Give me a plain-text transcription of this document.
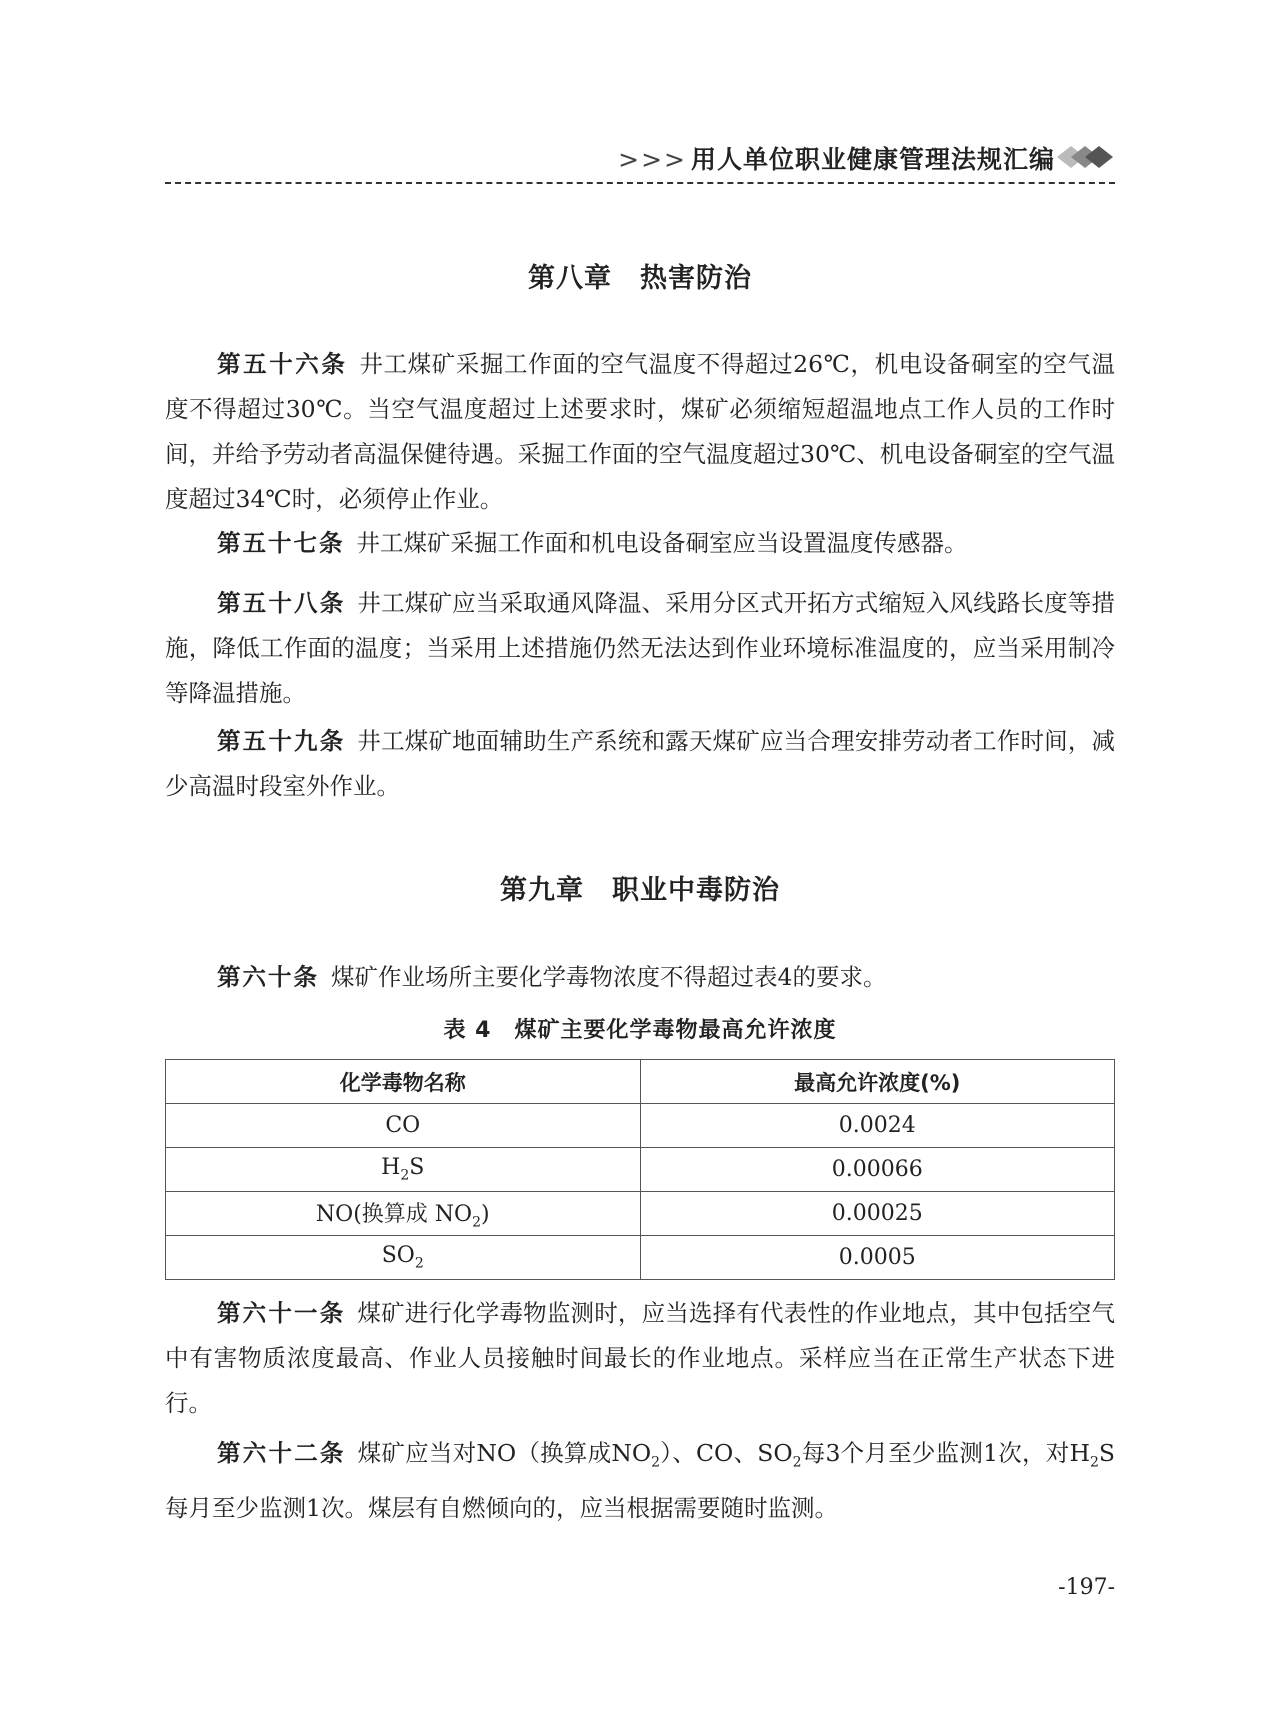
>>> 用人单位职业健康管理法规汇编
第八章　热害防治
第五十六条 井工煤矿采掘工作面的空气温度不得超过26℃，机电设备硐室的空气温度不得超过30℃。当空气温度超过上述要求时，煤矿必须缩短超温地点工作人员的工作时间，并给予劳动者高温保健待遇。采掘工作面的空气温度超过30℃、机电设备硐室的空气温度超过34℃时，必须停止作业。
第五十七条 井工煤矿采掘工作面和机电设备硐室应当设置温度传感器。
第五十八条 井工煤矿应当采取通风降温、采用分区式开拓方式缩短入风线路长度等措施，降低工作面的温度；当采用上述措施仍然无法达到作业环境标准温度的，应当采用制冷等降温措施。
第五十九条 井工煤矿地面辅助生产系统和露天煤矿应当合理安排劳动者工作时间，减少高温时段室外作业。
第九章　职业中毒防治
第六十条 煤矿作业场所主要化学毒物浓度不得超过表4的要求。
表 4　煤矿主要化学毒物最高允许浓度
化学毒物名称	最高允许浓度(%)
CO	0.0024
$H_2S$	0.00066
NO(换算成 $NO_2$)	0.00025
$SO_2$	0.0005
第六十一条 煤矿进行化学毒物监测时，应当选择有代表性的作业地点，其中包括空气中有害物质浓度最高、作业人员接触时间最长的作业地点。采样应当在正常生产状态下进行。
第六十二条 煤矿应当对NO（换算成$NO_2$）、CO、$SO_2$每3个月至少监测1次，对$H_2S$每月至少监测1次。煤层有自燃倾向的，应当根据需要随时监测。
-197-
